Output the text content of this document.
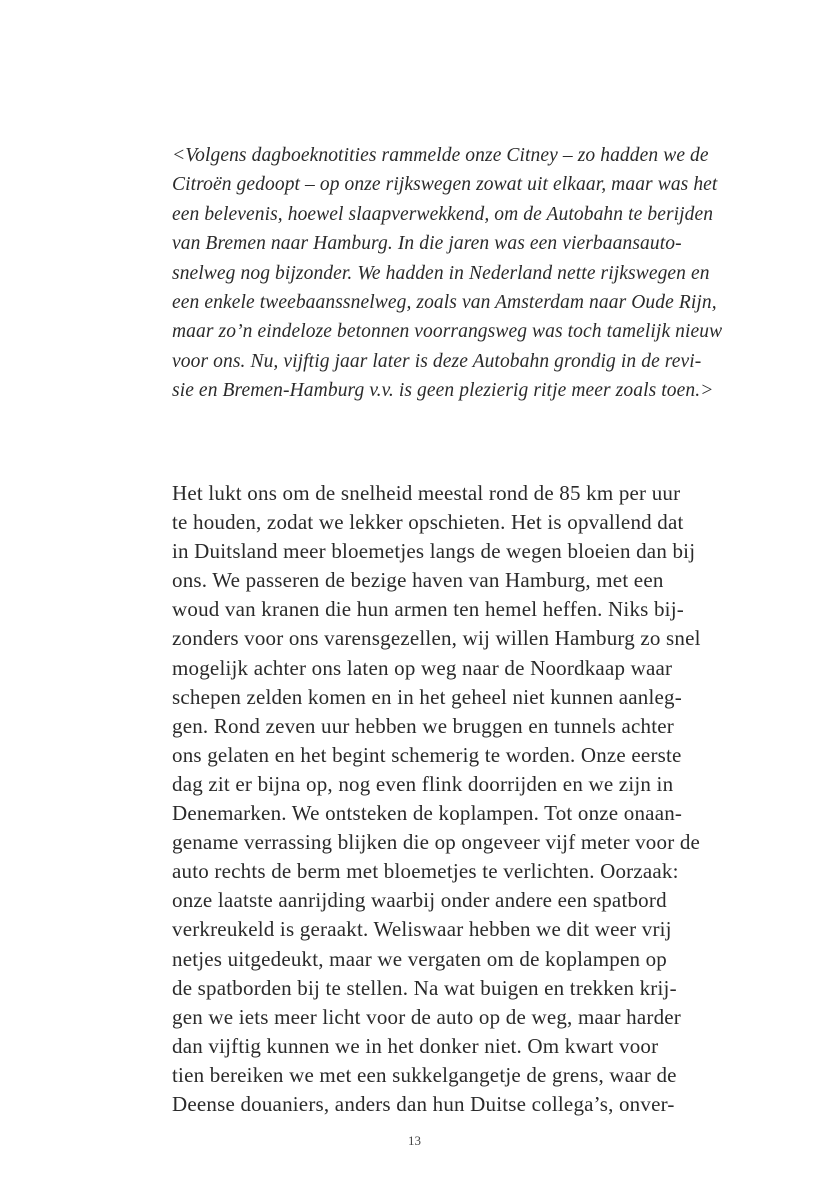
<Volgens dagboeknotities rammelde onze Citney – zo hadden we de
Citroën gedoopt – op onze rijkswegen zowat uit elkaar, maar was het
een belevenis, hoewel slaapverwekkend, om de Autobahn te berijden
van Bremen naar Hamburg. In die jaren was een vierbaansauto-
snelweg nog bijzonder. We hadden in Nederland nette rijkswegen en
een enkele tweebaanssnelweg, zoals van Amsterdam naar Oude Rijn,
maar zo’n eindeloze betonnen voorrangsweg was toch tamelijk nieuw
voor ons. Nu, vijftig jaar later is deze Autobahn grondig in de revi-
sie en Bremen-Hamburg v.v. is geen plezierig ritje meer zoals toen.>
Het lukt ons om de snelheid meestal rond de 85 km per uur
te houden, zodat we lekker opschieten. Het is opvallend dat
in Duitsland meer bloemetjes langs de wegen bloeien dan bij
ons. We passeren de bezige haven van Hamburg, met een
woud van kranen die hun armen ten hemel heffen. Niks bij-
zonders voor ons varensgezellen, wij willen Hamburg zo snel
mogelijk achter ons laten op weg naar de Noordkaap waar
schepen zelden komen en in het geheel niet kunnen aanleg-
gen. Rond zeven uur hebben we bruggen en tunnels achter
ons gelaten en het begint schemerig te worden. Onze eerste
dag zit er bijna op, nog even flink doorrijden en we zijn in
Denemarken. We ontsteken de koplampen. Tot onze onaan-
gename verrassing blijken die op ongeveer vijf meter voor de
auto rechts de berm met bloemetjes te verlichten. Oorzaak:
onze laatste aanrijding waarbij onder andere een spatbord
verkreukeld is geraakt. Weliswaar hebben we dit weer vrij
netjes uitgedeukt, maar we vergaten om de koplampen op
de spatborden bij te stellen. Na wat buigen en trekken krij-
gen we iets meer licht voor de auto op de weg, maar harder
dan vijftig kunnen we in het donker niet. Om kwart voor
tien bereiken we met een sukkelgangetje de grens, waar de
Deense douaniers, anders dan hun Duitse collega’s, onver-
13
